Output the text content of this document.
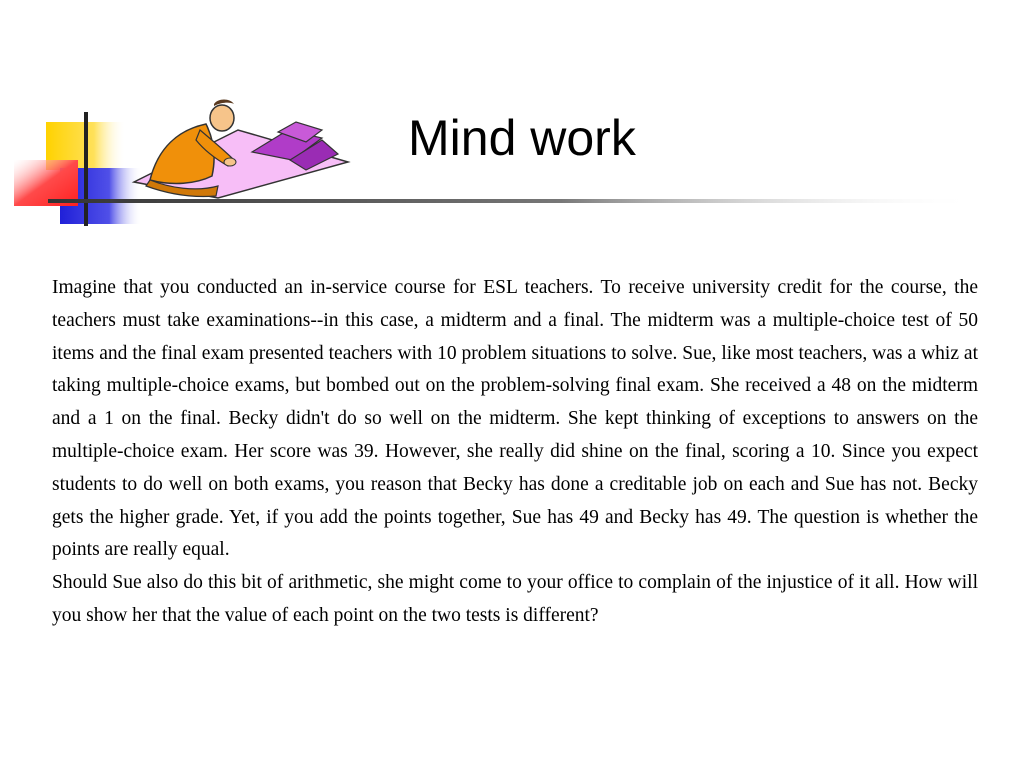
Mind work

Imagine that you conducted an in-service course for ESL teachers. To receive university credit for the course, the teachers must take examinations--in this case, a midterm and a final. The midterm was a multiple-choice test of 50 items and the final exam presented teachers with 10 problem situations to solve. Sue, like most teachers, was a whiz at taking multiple-choice exams, but bombed out on the problem-solving final exam. She received a 48 on the midterm and a 1 on the final. Becky didn't do so well on the midterm. She kept thinking of exceptions to answers on the multiple-choice exam. Her score was 39. However, she really did shine on the final, scoring a 10. Since you expect students to do well on both exams, you reason that Becky has done a creditable job on each and Sue has not. Becky gets the higher grade. Yet, if you add the points together, Sue has 49 and Becky has 49. The question is whether the points are really equal.

Should Sue also do this bit of arithmetic, she might come to your office to complain of the injustice of it all. How will you show her that the value of each point on the two tests is different?
